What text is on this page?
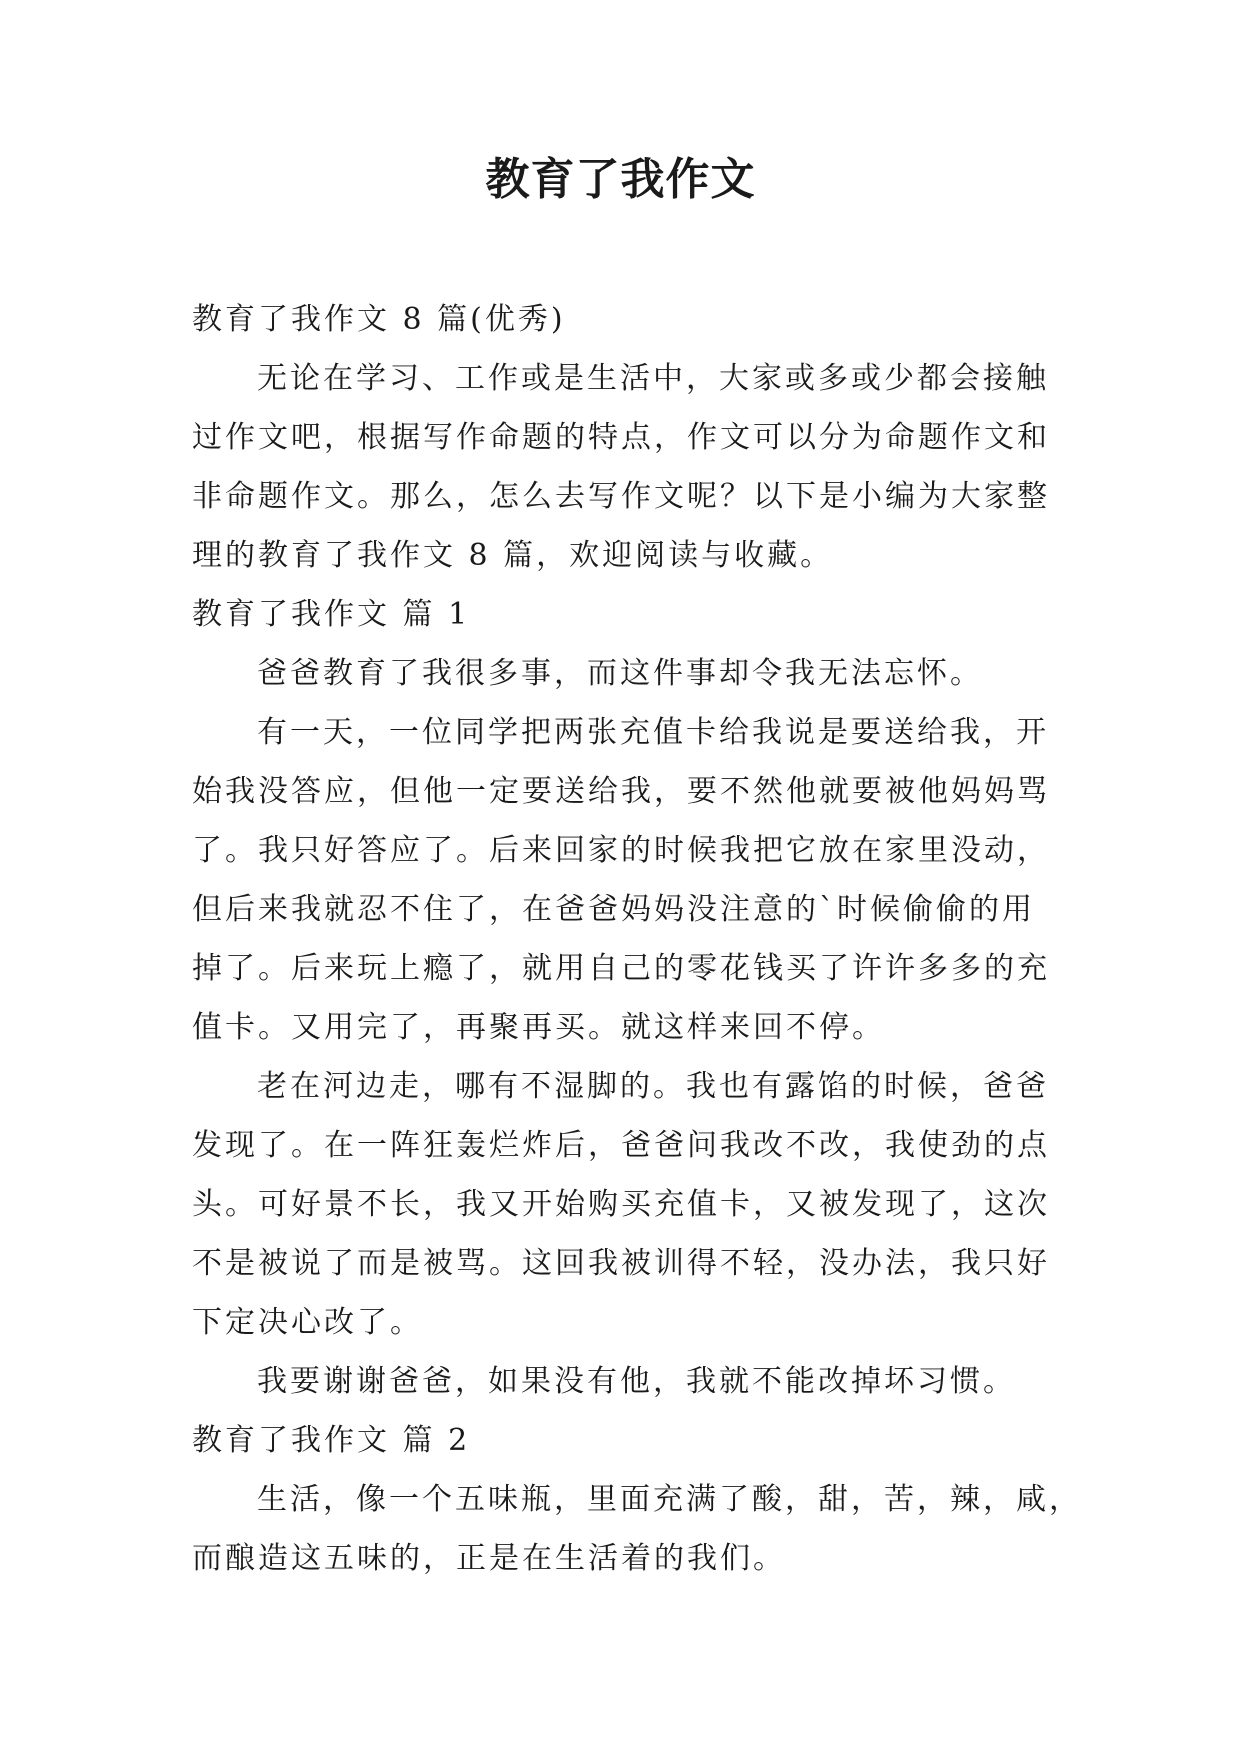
教育了我作文

教育了我作文 8 篇(优秀)

无论在学习、工作或是生活中，大家或多或少都会接触

过作文吧，根据写作命题的特点，作文可以分为命题作文和

非命题作文。那么，怎么去写作文呢？以下是小编为大家整

理的教育了我作文 8 篇，欢迎阅读与收藏。

教育了我作文 篇 1

爸爸教育了我很多事，而这件事却令我无法忘怀。

有一天，一位同学把两张充值卡给我说是要送给我，开

始我没答应，但他一定要送给我，要不然他就要被他妈妈骂

了。我只好答应了。后来回家的时候我把它放在家里没动，

但后来我就忍不住了，在爸爸妈妈没注意的`时候偷偷的用

掉了。后来玩上瘾了，就用自己的零花钱买了许许多多的充

值卡。又用完了，再聚再买。就这样来回不停。

老在河边走，哪有不湿脚的。我也有露馅的时候，爸爸

发现了。在一阵狂轰烂炸后，爸爸问我改不改，我使劲的点

头。可好景不长，我又开始购买充值卡，又被发现了，这次

不是被说了而是被骂。这回我被训得不轻，没办法，我只好

下定决心改了。

我要谢谢爸爸，如果没有他，我就不能改掉坏习惯。

教育了我作文 篇 2

生活，像一个五味瓶，里面充满了酸，甜，苦，辣，咸，

而酿造这五味的，正是在生活着的我们。
